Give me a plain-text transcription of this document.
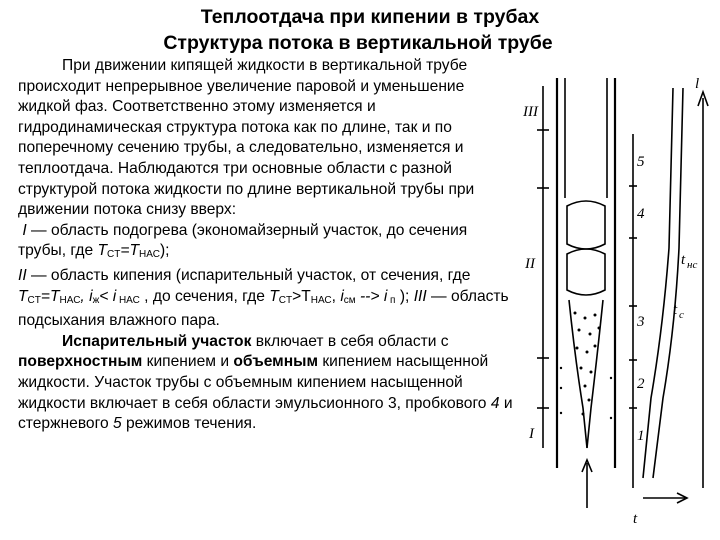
Теплоотдача при кипении в трубах
Структура потока в вертикальной трубе

При движении кипящей жидкости в вертикальной трубе происходит непрерывное увеличение паровой и уменьшение жидкой фаз. Соответственно этому изменяется и гидродинамическая структура потока как по длине, так и по поперечному сечению трубы, а следовательно, изменяется и теплоотдача. Наблюдаются три основные области с разной структурой потока жидкости по длине вертикальной трубы при движении потока снизу вверх:

I — область подогрева (экономайзерный участок, до сечения трубы, где $T_{CT}=T_{НАС}$);

II — область кипения (испарительный участок, от сечения, где $T_{CT}=T_{НАС}$, $i_ж< i$ $_{НАС}$ , до сечения, где $T_{CT}>T_{НАС}$, $i_{см}$ --> i $_п$ ); III — область подсыхания влажного пара.

Испарительный участок включает в себя области с поверхностным кипением и объемным кипением насыщенной жидкости. Участок трубы с объемным кипением насыщенной жидкости включает в себя области эмульсионного 3, пробкового 4 и стержневого 5 режимов течения.

III
II
I
5
4
3
2
1
l
t
t нс
t c
